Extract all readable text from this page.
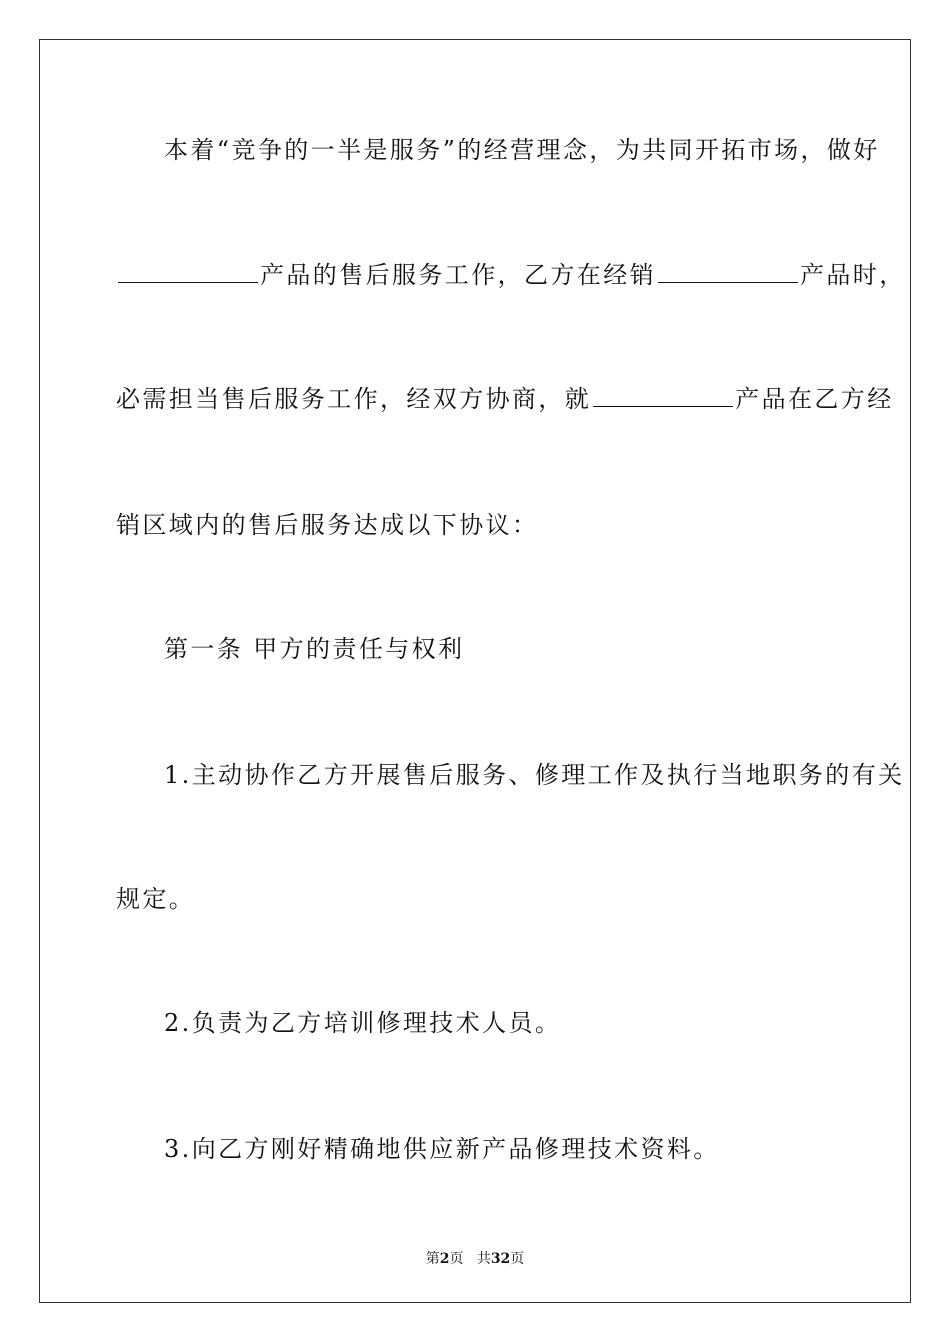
本着“竞争的一半是服务”的经营理念，为共同开拓市场，做好
产品的售后服务工作，乙方在经销	产品时，
必需担当售后服务工作，经双方协商，就	产品在乙方经
销区域内的售后服务达成以下协议：
第一条 甲方的责任与权利
1.主动协作乙方开展售后服务、修理工作及执行当地职务的有关
规定。
2.负责为乙方培训修理技术人员。
3.向乙方刚好精确地供应新产品修理技术资料。
第2页 共32页
